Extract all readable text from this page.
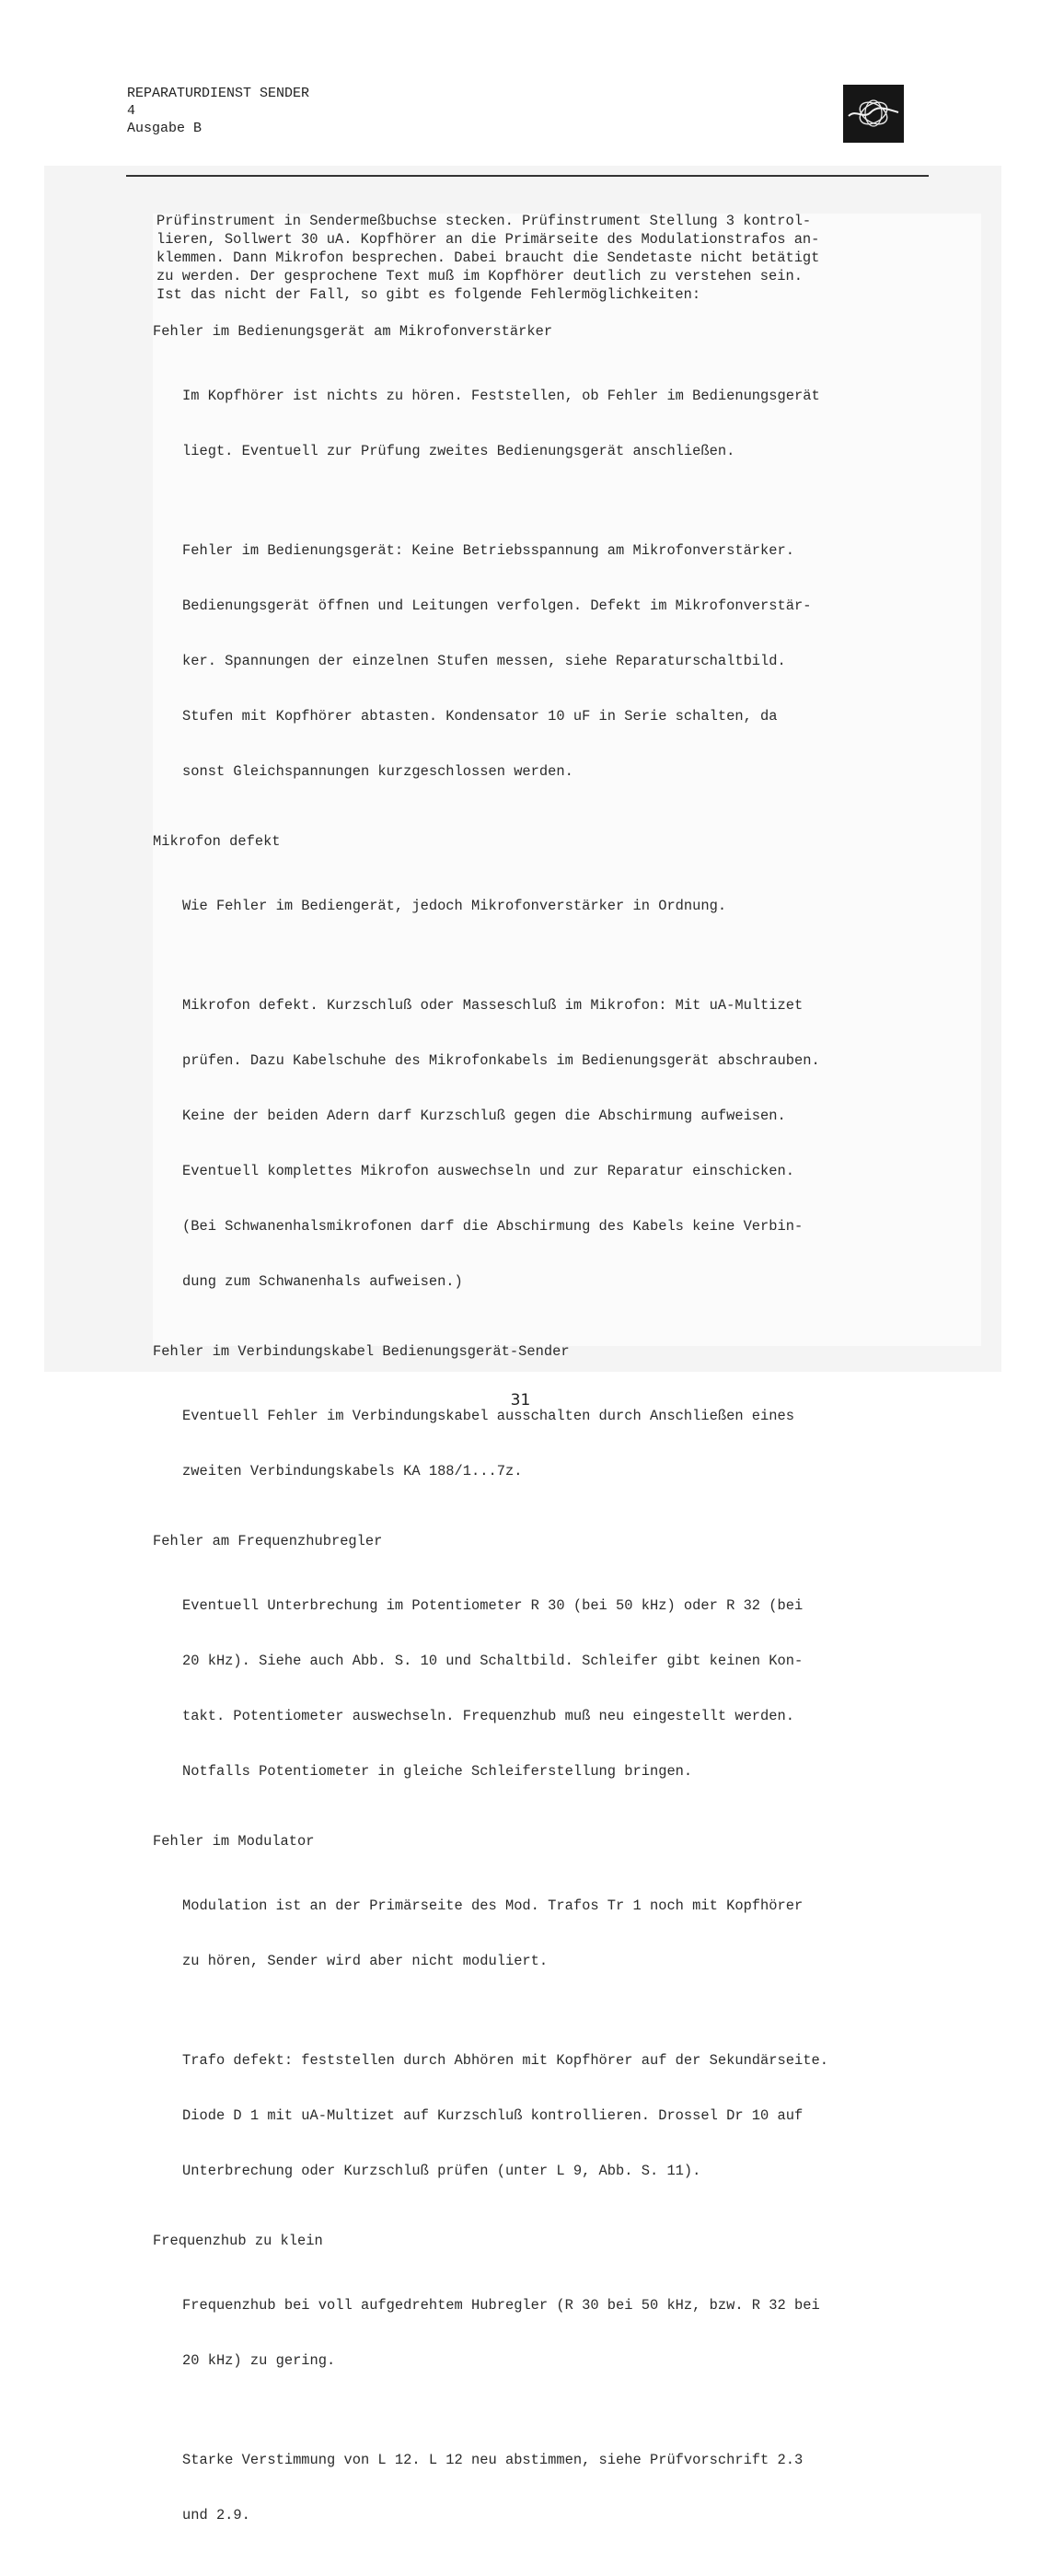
REPARATURDIENST SENDER
4
Ausgabe B

Prüfinstrument in Sendermeßbuchse stecken. Prüfinstrument Stellung 3 kontrol-

lieren, Sollwert 30 uA. Kopfhörer an die Primärseite des Modulationstrafos an-

klemmen. Dann Mikrofon besprechen. Dabei braucht die Sendetaste nicht betätigt

zu werden. Der gesprochene Text muß im Kopfhörer deutlich zu verstehen sein.

Ist das nicht der Fall, so gibt es folgende Fehlermöglichkeiten:

Fehler im Bedienungsgerät am Mikrofonverstärker

Im Kopfhörer ist nichts zu hören. Feststellen, ob Fehler im Bedienungsgerät

liegt. Eventuell zur Prüfung zweites Bedienungsgerät anschließen.

Fehler im Bedienungsgerät: Keine Betriebsspannung am Mikrofonverstärker.

Bedienungsgerät öffnen und Leitungen verfolgen. Defekt im Mikrofonverstär-

ker. Spannungen der einzelnen Stufen messen, siehe Reparaturschaltbild.

Stufen mit Kopfhörer abtasten. Kondensator 10 uF in Serie schalten, da

sonst Gleichspannungen kurzgeschlossen werden.

Mikrofon defekt

Wie Fehler im Bediengerät, jedoch Mikrofonverstärker in Ordnung.

Mikrofon defekt. Kurzschluß oder Masseschluß im Mikrofon: Mit uA-Multizet

prüfen. Dazu Kabelschuhe des Mikrofonkabels im Bedienungsgerät abschrauben.

Keine der beiden Adern darf Kurzschluß gegen die Abschirmung aufweisen.

Eventuell komplettes Mikrofon auswechseln und zur Reparatur einschicken.

(Bei Schwanenhalsmikrofonen darf die Abschirmung des Kabels keine Verbin-

dung zum Schwanenhals aufweisen.)

Fehler im Verbindungskabel Bedienungsgerät-Sender

Eventuell Fehler im Verbindungskabel ausschalten durch Anschließen eines

zweiten Verbindungskabels KA 188/1...7z.

Fehler am Frequenzhubregler

Eventuell Unterbrechung im Potentiometer R 30 (bei 50 kHz) oder R 32 (bei

20 kHz). Siehe auch Abb. S. 10 und Schaltbild. Schleifer gibt keinen Kon-

takt. Potentiometer auswechseln. Frequenzhub muß neu eingestellt werden.

Notfalls Potentiometer in gleiche Schleiferstellung bringen.

Fehler im Modulator

Modulation ist an der Primärseite des Mod. Trafos Tr 1 noch mit Kopfhörer

zu hören, Sender wird aber nicht moduliert.

Trafo defekt: feststellen durch Abhören mit Kopfhörer auf der Sekundärseite.

Diode D 1 mit uA-Multizet auf Kurzschluß kontrollieren. Drossel Dr 10 auf

Unterbrechung oder Kurzschluß prüfen (unter L 9, Abb. S. 11).

Frequenzhub zu klein

Frequenzhub bei voll aufgedrehtem Hubregler (R 30 bei 50 kHz, bzw. R 32 bei

20 kHz) zu gering.

Starke Verstimmung von L 12. L 12 neu abstimmen, siehe Prüfvorschrift 2.3

und 2.9.

31
